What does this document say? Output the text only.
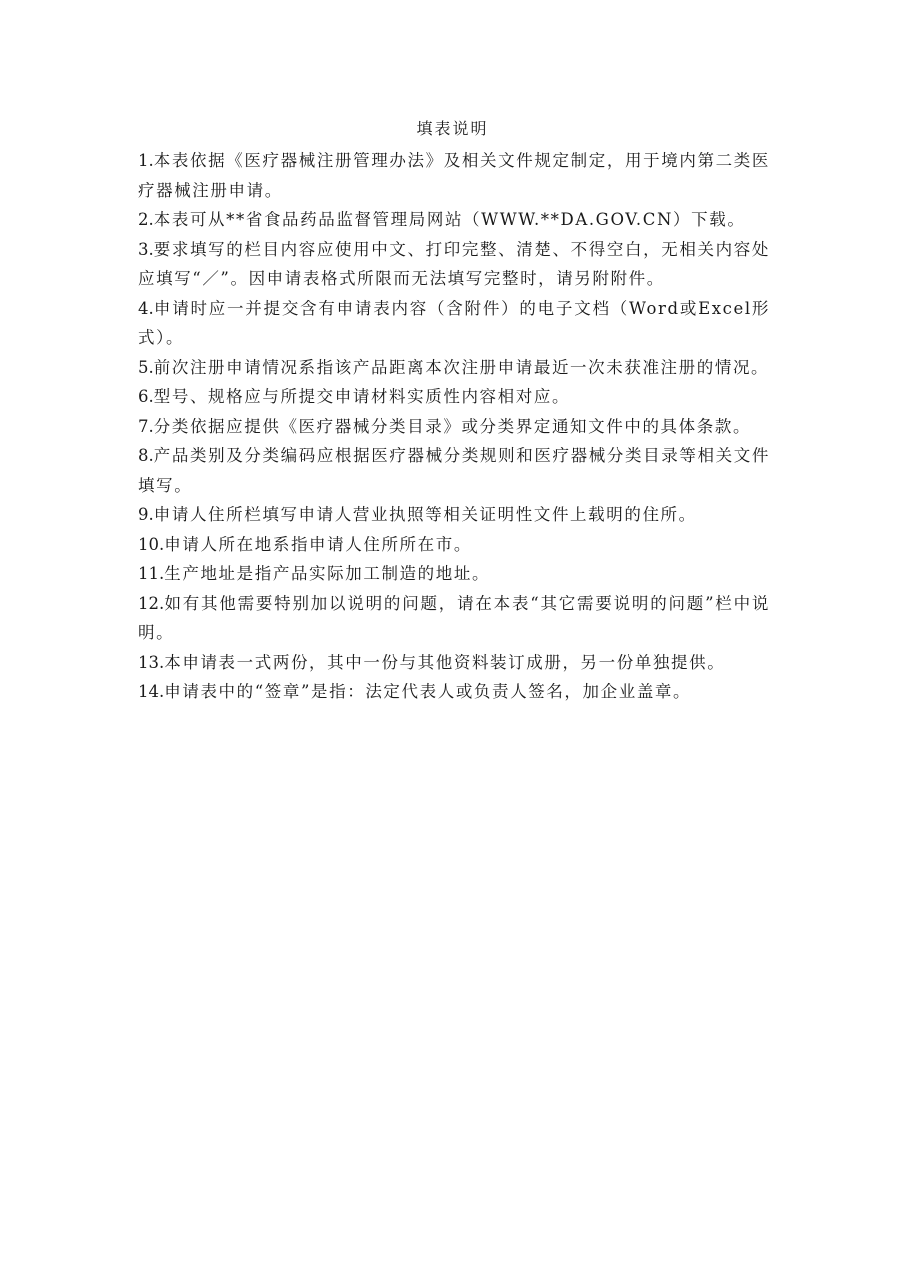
填表说明
1.本表依据《医疗器械注册管理办法》及相关文件规定制定，用于境内第二类医疗器械注册申请。
2.本表可从**省食品药品监督管理局网站（WWW.**DA.GOV.CN）下载。
3.要求填写的栏目内容应使用中文、打印完整、清楚、不得空白，无相关内容处应填写“／”。因申请表格式所限而无法填写完整时，请另附附件。
4.申请时应一并提交含有申请表内容（含附件）的电子文档（Word或Excel形式）。
5.前次注册申请情况系指该产品距离本次注册申请最近一次未获准注册的情况。
6.型号、规格应与所提交申请材料实质性内容相对应。
7.分类依据应提供《医疗器械分类目录》或分类界定通知文件中的具体条款。
8.产品类别及分类编码应根据医疗器械分类规则和医疗器械分类目录等相关文件填写。
9.申请人住所栏填写申请人营业执照等相关证明性文件上载明的住所。
10.申请人所在地系指申请人住所所在市。
11.生产地址是指产品实际加工制造的地址。
12.如有其他需要特别加以说明的问题，请在本表“其它需要说明的问题”栏中说明。
13.本申请表一式两份，其中一份与其他资料装订成册，另一份单独提供。
14.申请表中的“签章”是指：法定代表人或负责人签名，加企业盖章。
